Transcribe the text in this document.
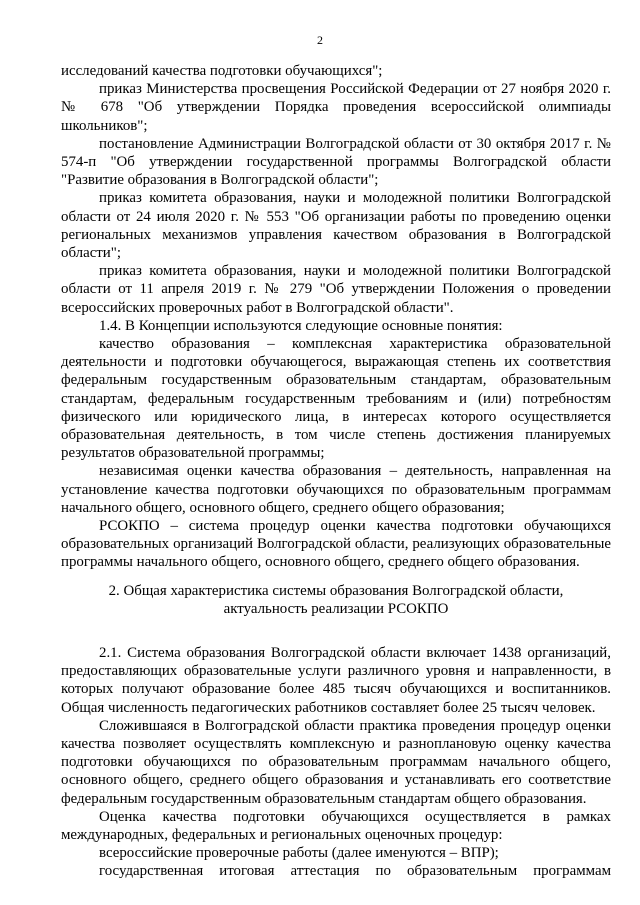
2

исследований качества подготовки обучающихся";

приказ Министерства просвещения Российской Федерации от 27 ноября 2020 г. № 678 "Об утверждении Порядка проведения всероссийской олимпиады школьников";

постановление Администрации Волгоградской области от 30 октября 2017 г. № 574-п "Об утверждении государственной программы Волгоградской области "Развитие образования в Волгоградской области";

приказ комитета образования, науки и молодежной политики Волгоградской области от 24 июля 2020 г. № 553 "Об организации работы по проведению оценки региональных механизмов управления качеством образования в Волгоградской области";

приказ комитета образования, науки и молодежной политики Волгоградской области от 11 апреля 2019 г. № 279 "Об утверждении Положения о проведении всероссийских проверочных работ в Волгоградской области".

1.4. В Концепции используются следующие основные понятия:

качество образования – комплексная характеристика образовательной деятельности и подготовки обучающегося, выражающая степень их соответствия федеральным государственным образовательным стандартам, образовательным стандартам, федеральным государственным требованиям и (или) потребностям физического или юридического лица, в интересах которого осуществляется образовательная деятельность, в том числе степень достижения планируемых результатов образовательной программы;

независимая оценки качества образования – деятельность, направленная на установление качества подготовки обучающихся по образовательным программам начального общего, основного общего, среднего общего образования;

РСОКПО – система процедур оценки качества подготовки обучающихся образовательных организаций Волгоградской области, реализующих образовательные программы начального общего, основного общего, среднего общего образования.

2. Общая характеристика системы образования Волгоградской области,

актуальность реализации РСОКПО

2.1. Система образования Волгоградской области включает 1438 организаций, предоставляющих образовательные услуги различного уровня и направленности, в которых получают образование более 485 тысяч обучающихся и воспитанников. Общая численность педагогических работников составляет более 25 тысяч человек.

Сложившаяся в Волгоградской области практика проведения процедур оценки качества позволяет осуществлять комплексную и разноплановую оценку качества подготовки обучающихся по образовательным программам начального общего, основного общего, среднего общего образования и устанавливать его соответствие федеральным государственным образовательным стандартам общего образования.

Оценка качества подготовки обучающихся осуществляется в рамках международных, федеральных и региональных оценочных процедур:

всероссийские проверочные работы (далее именуются – ВПР);

государственная итоговая аттестация по образовательным программам
